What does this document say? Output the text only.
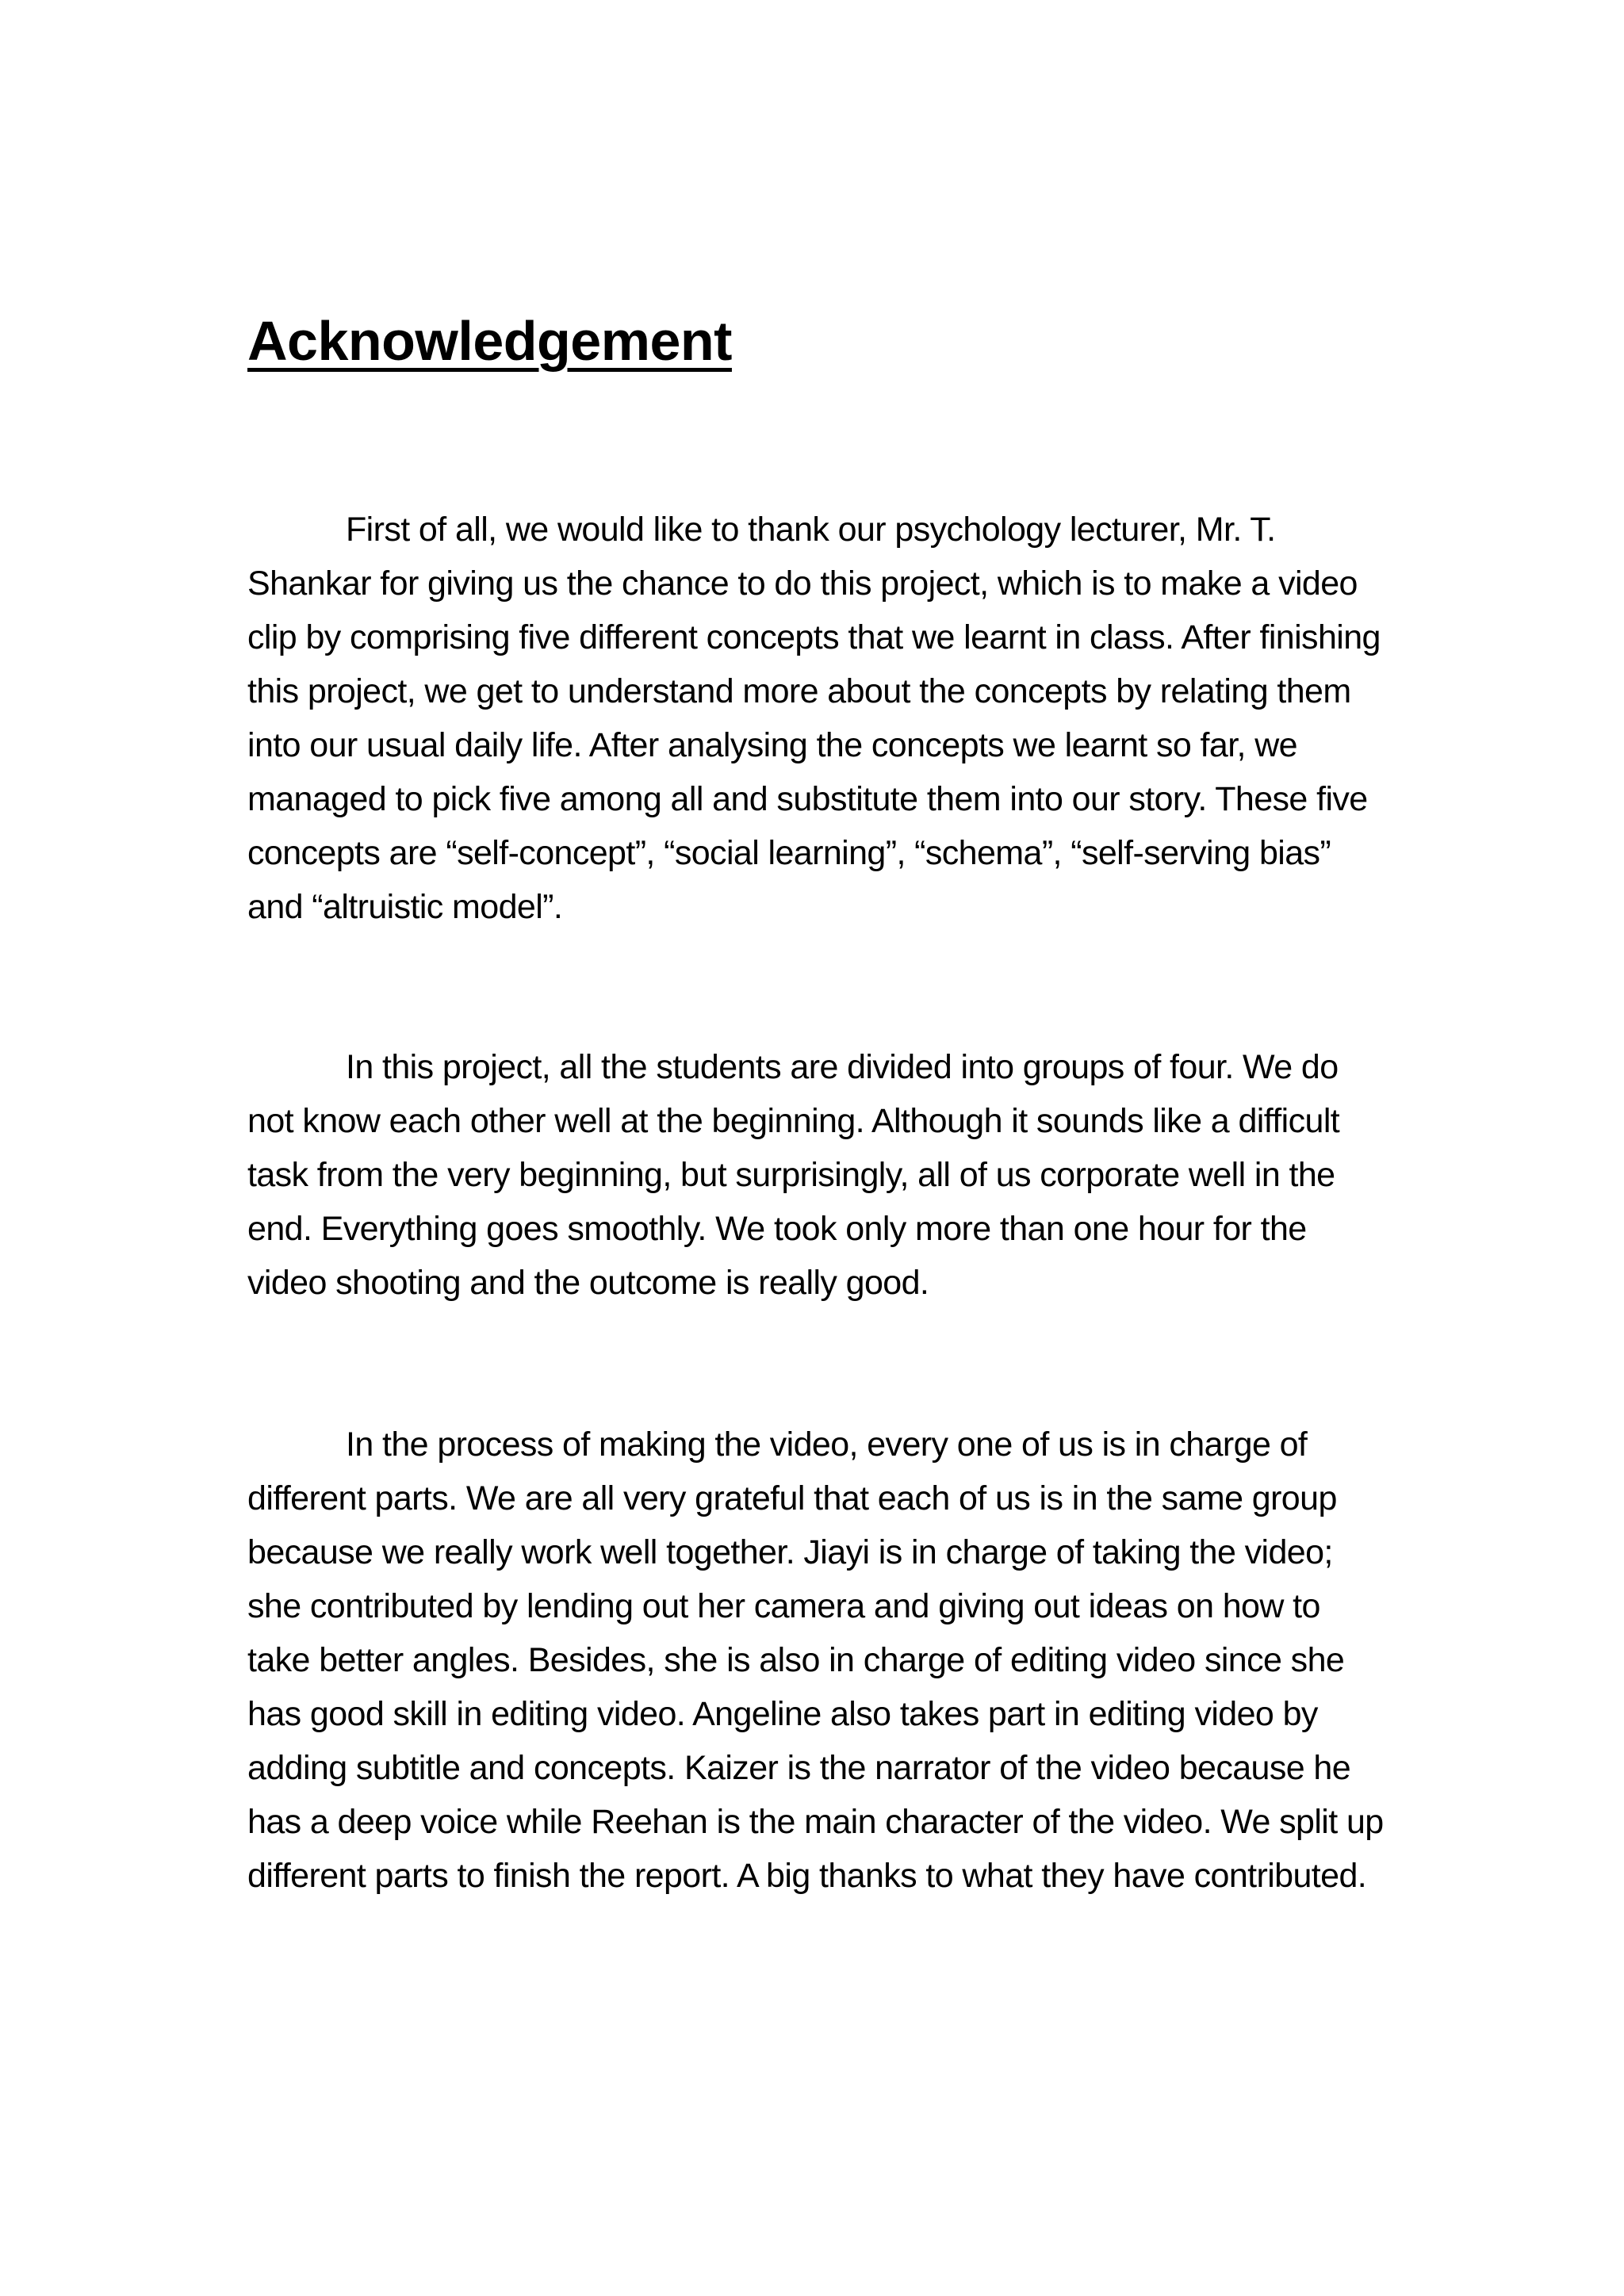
Acknowledgement

First of all, we would like to thank our psychology lecturer, Mr. T. Shankar for giving us the chance to do this project, which is to make a video clip by comprising five different concepts that we learnt in class. After finishing this project, we get to understand more about the concepts by relating them into our usual daily life. After analysing the concepts we learnt so far, we managed to pick five among all and substitute them into our story. These five concepts are “self-concept”, “social learning”, “schema”, “self-serving bias” and “altruistic model”.

In this project, all the students are divided into groups of four. We do not know each other well at the beginning. Although it sounds like a difficult task from the very beginning, but surprisingly, all of us corporate well in the end. Everything goes smoothly. We took only more than one hour for the video shooting and the outcome is really good.

In the process of making the video, every one of us is in charge of different parts. We are all very grateful that each of us is in the same group because we really work well together. Jiayi is in charge of taking the video; she contributed by lending out her camera and giving out ideas on how to take better angles. Besides, she is also in charge of editing video since she has good skill in editing video. Angeline also takes part in editing video by adding subtitle and concepts. Kaizer is the narrator of the video because he has a deep voice while Reehan is the main character of the video. We split up different parts to finish the report. A big thanks to what they have contributed.
